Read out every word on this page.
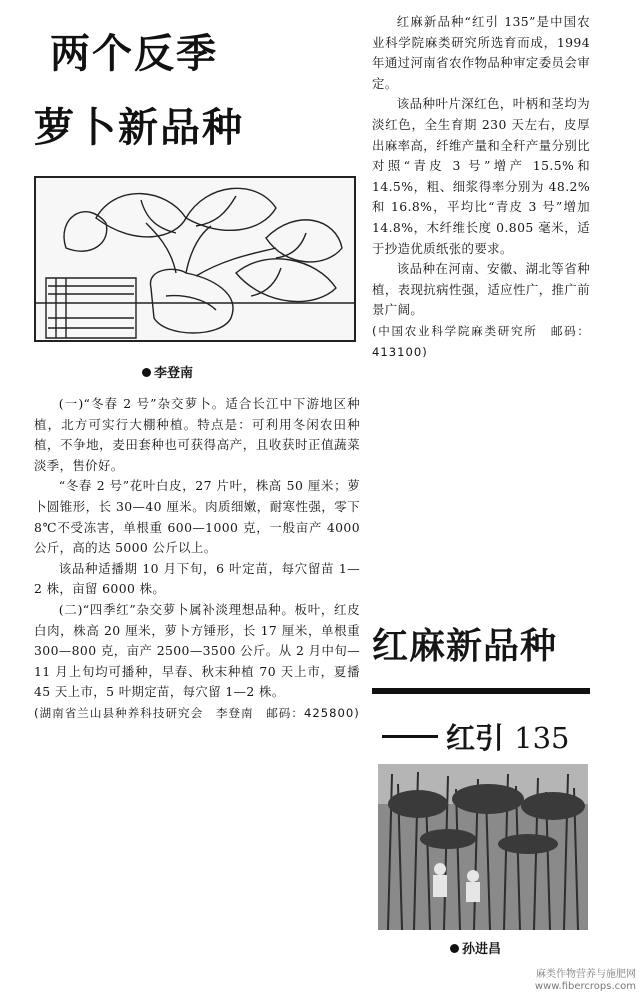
两个反季
萝卜新品种
李登南

(一)“冬春 2 号”杂交萝卜。适合长江中下游地区种植，北方可实行大棚种植。特点是：可利用冬闲农田种植，不争地，麦田套种也可获得高产，且收获时正值蔬菜淡季，售价好。

“冬春 2 号”花叶白皮，27 片叶，株高 50 厘米；萝卜圆锥形，长 30—40 厘米。肉质细嫩，耐寒性强，零下 8℃不受冻害，单根重 600—1000 克，一般亩产 4000 公斤，高的达 5000 公斤以上。

该品种适播期 10 月下旬，6 叶定苗，每穴留苗 1—2 株，亩留 6000 株。

(二)“四季红”杂交萝卜属补淡理想品种。板叶，红皮白肉，株高 20 厘米，萝卜方锤形，长 17 厘米，单根重 300—800 克，亩产 2500—3500 公斤。从 2 月中旬—11 月上旬均可播种，早春、秋末种植 70 天上市，夏播 45 天上市，5 叶期定苗，每穴留 1—2 株。

(湖南省兰山县种养科技研究会　李登南　邮码：425800)

红麻新品种“红引 135”是中国农业科学院麻类研究所选育而成，1994 年通过河南省农作物品种审定委员会审定。

该品种叶片深红色，叶柄和茎均为淡红色，全生育期 230 天左右，皮厚出麻率高，纤维产量和全秆产量分别比对照“青皮 3 号”增产 15.5%和 14.5%，粗、细浆得率分别为 48.2%和 16.8%，平均比“青皮 3 号”增加 14.8%，木纤维长度 0.805 毫米，适于抄造优质纸张的要求。

该品种在河南、安徽、湖北等省种植，表现抗病性强，适应性广，推广前景广阔。

(中国农业科学院麻类研究所　邮码：413100)

红麻新品种
红引 135
孙进昌
麻类作物营养与施肥网
www.fibercrops.com
